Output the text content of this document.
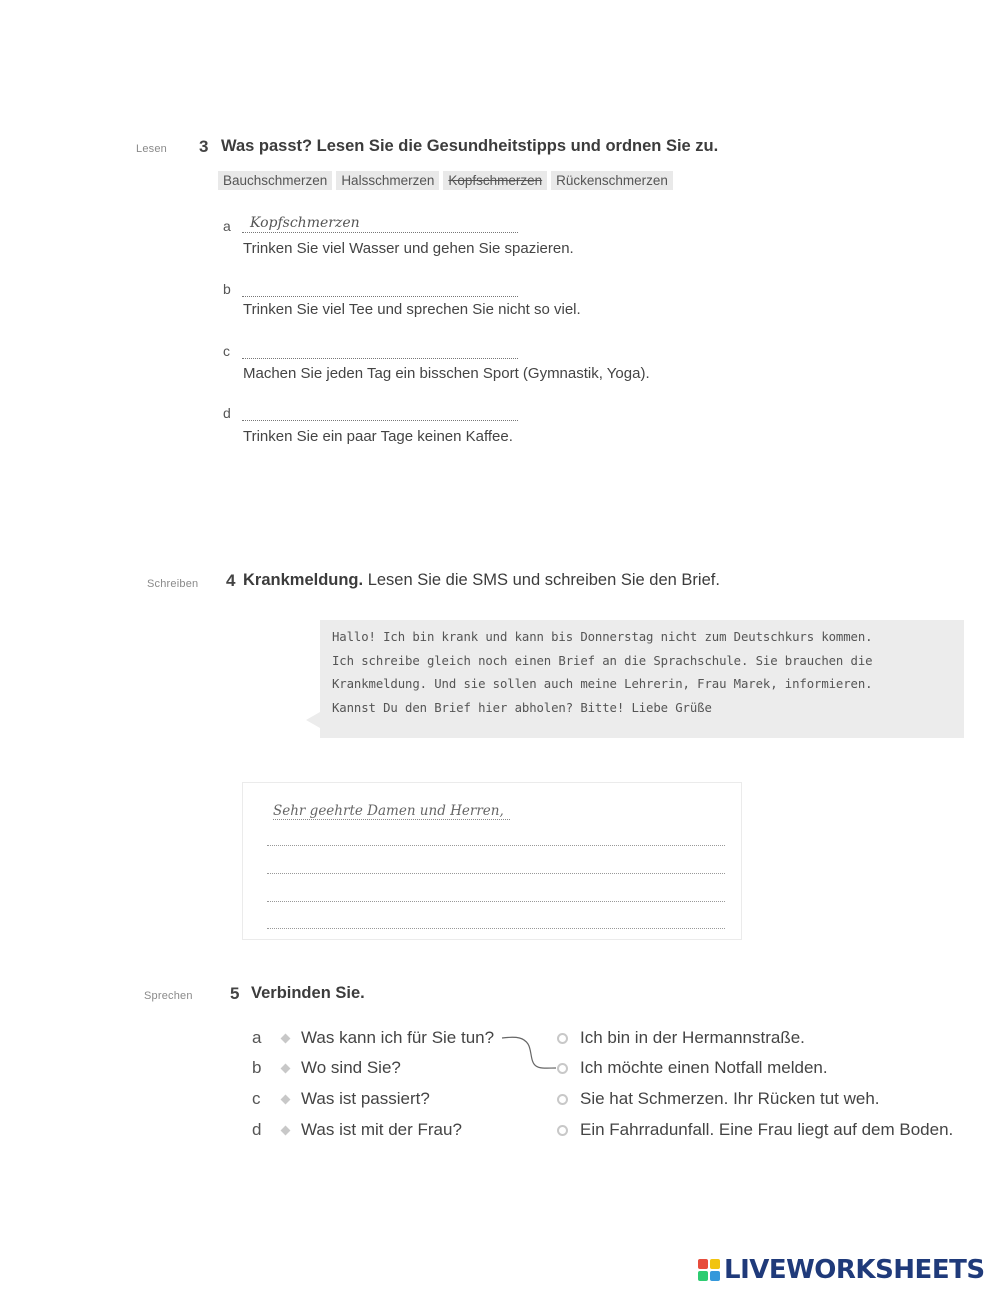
Lesen 3 Was passt? Lesen Sie die Gesundheitstipps und ordnen Sie zu.
Bauchschmerzen	Halsschmerzen	Kopfschmerzen	Rückenschmerzen
a Kopfschmerzen
Trinken Sie viel Wasser und gehen Sie spazieren.
b
Trinken Sie viel Tee und sprechen Sie nicht so viel.
c
Machen Sie jeden Tag ein bisschen Sport (Gymnastik, Yoga).
d
Trinken Sie ein paar Tage keinen Kaffee.
Schreiben 4 Krankmeldung. Lesen Sie die SMS und schreiben Sie den Brief.
Hallo! Ich bin krank und kann bis Donnerstag nicht zum Deutschkurs kommen.
Ich schreibe gleich noch einen Brief an die Sprachschule. Sie brauchen die
Krankmeldung. Und sie sollen auch meine Lehrerin, Frau Marek, informieren.
Kannst Du den Brief hier abholen? Bitte! Liebe Grüße
Sehr geehrte Damen und Herren,
Sprechen 5 Verbinden Sie.
a	Was kann ich für Sie tun?
b	Wo sind Sie?
c	Was ist passiert?
d	Was ist mit der Frau?
Ich bin in der Hermannstraße.
Ich möchte einen Notfall melden.
Sie hat Schmerzen. Ihr Rücken tut weh.
Ein Fahrradunfall. Eine Frau liegt auf dem Boden.
LIVEWORKSHEETS
